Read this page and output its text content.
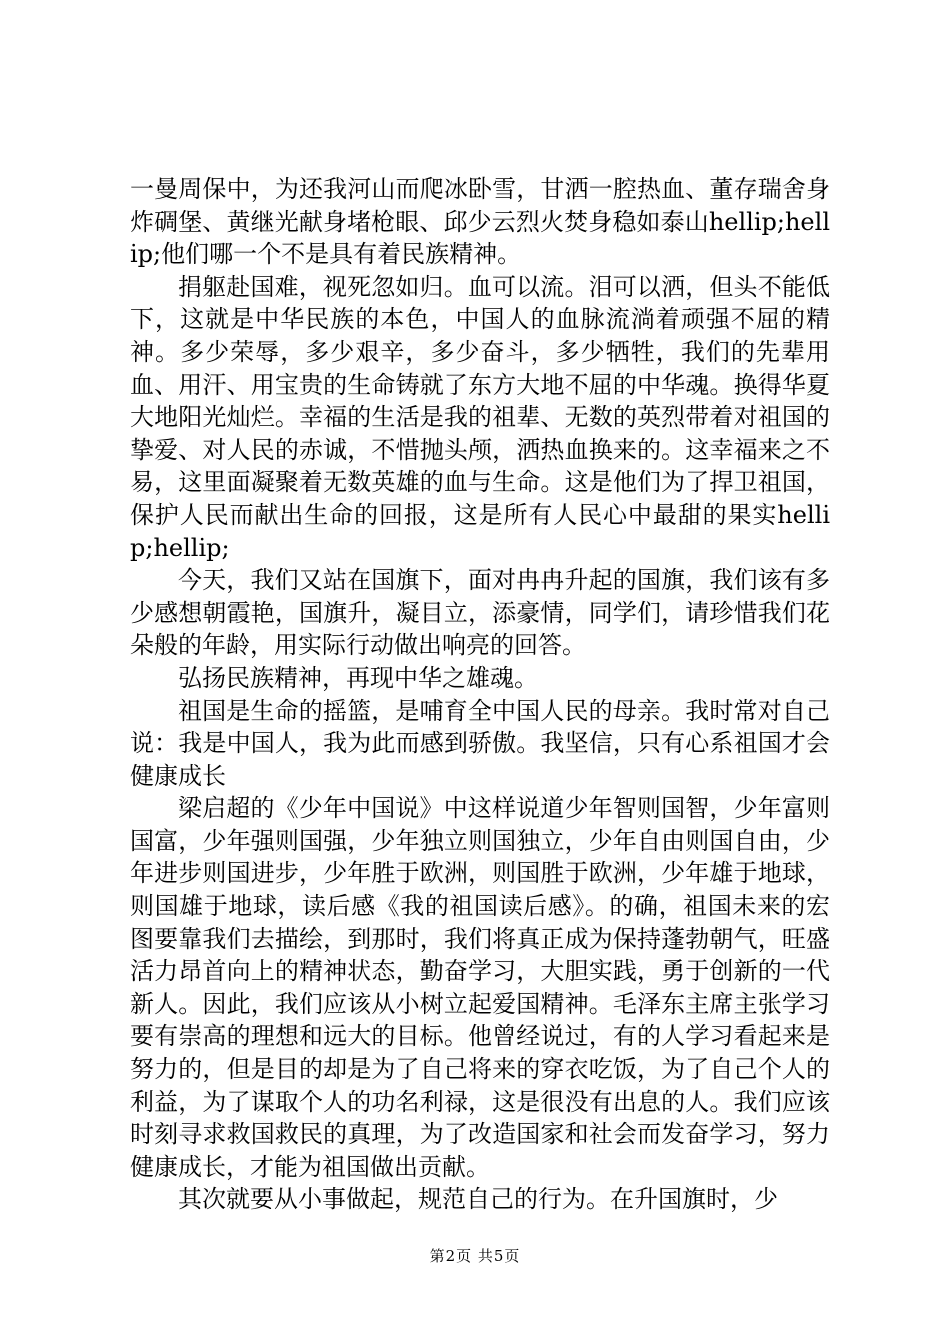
一曼周保中，为还我河山而爬冰卧雪，甘洒一腔热血、董存瑞舍身炸碉堡、黄继光献身堵枪眼、邱少云烈火焚身稳如泰山hellip;hellip;他们哪一个不是具有着民族精神。

捐躯赴国难，视死忽如归。血可以流。泪可以洒，但头不能低下，这就是中华民族的本色，中国人的血脉流淌着顽强不屈的精神。多少荣辱，多少艰辛，多少奋斗，多少牺牲，我们的先辈用血、用汗、用宝贵的生命铸就了东方大地不屈的中华魂。换得华夏大地阳光灿烂。幸福的生活是我的祖辈、无数的英烈带着对祖国的挚爱、对人民的赤诚，不惜抛头颅，洒热血换来的。这幸福来之不易，这里面凝聚着无数英雄的血与生命。这是他们为了捍卫祖国，保护人民而献出生命的回报，这是所有人民心中最甜的果实hellip;hellip;

今天，我们又站在国旗下，面对冉冉升起的国旗，我们该有多少感想朝霞艳，国旗升，凝目立，添豪情，同学们，请珍惜我们花朵般的年龄，用实际行动做出响亮的回答。

弘扬民族精神，再现中华之雄魂。

祖国是生命的摇篮，是哺育全中国人民的母亲。我时常对自己说：我是中国人，我为此而感到骄傲。我坚信，只有心系祖国才会健康成长

梁启超的《少年中国说》中这样说道少年智则国智，少年富则国富，少年强则国强，少年独立则国独立，少年自由则国自由，少年进步则国进步，少年胜于欧洲，则国胜于欧洲，少年雄于地球，则国雄于地球，读后感《我的祖国读后感》。的确，祖国未来的宏图要靠我们去描绘，到那时，我们将真正成为保持蓬勃朝气，旺盛活力昂首向上的精神状态，勤奋学习，大胆实践，勇于创新的一代新人。因此，我们应该从小树立起爱国精神。毛泽东主席主张学习要有崇高的理想和远大的目标。他曾经说过，有的人学习看起来是努力的，但是目的却是为了自己将来的穿衣吃饭，为了自己个人的利益，为了谋取个人的功名利禄，这是很没有出息的人。我们应该时刻寻求救国救民的真理，为了改造国家和社会而发奋学习，努力健康成长，才能为祖国做出贡献。

其次就要从小事做起，规范自己的行为。在升国旗时，少

第2页 共5页
